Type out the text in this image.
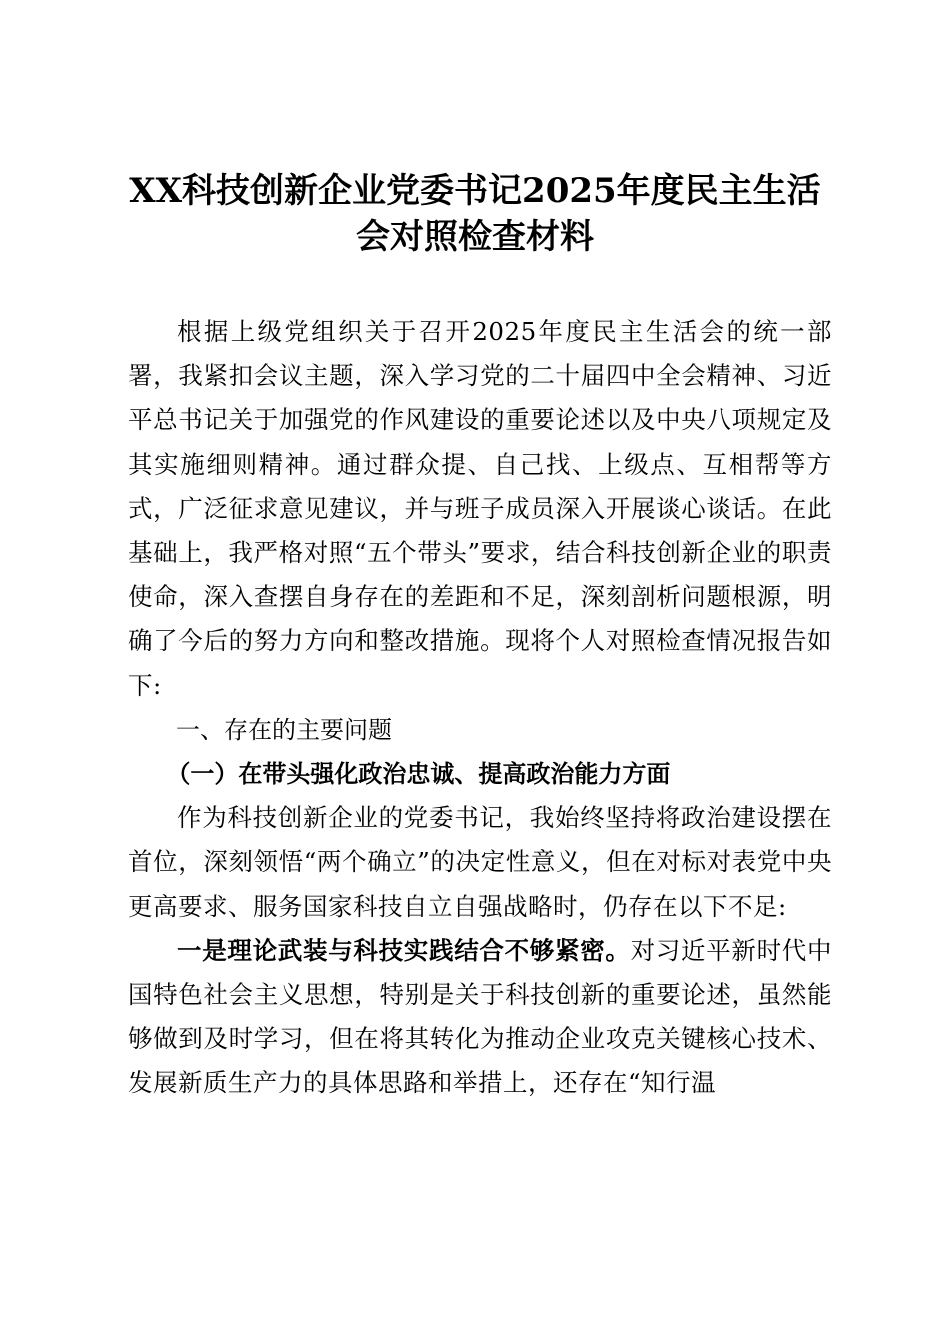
XX科技创新企业党委书记2025年度民主生活
会对照检查材料

根据上级党组织关于召开2025年度民主生活会的统一部署，我紧扣会议主题，深入学习党的二十届四中全会精神、习近平总书记关于加强党的作风建设的重要论述以及中央八项规定及其实施细则精神。通过群众提、自己找、上级点、互相帮等方式，广泛征求意见建议，并与班子成员深入开展谈心谈话。在此基础上，我严格对照“五个带头”要求，结合科技创新企业的职责使命，深入查摆自身存在的差距和不足，深刻剖析问题根源，明确了今后的努力方向和整改措施。现将个人对照检查情况报告如下:

一、存在的主要问题

（一）在带头强化政治忠诚、提高政治能力方面

作为科技创新企业的党委书记，我始终坚持将政治建设摆在首位，深刻领悟“两个确立”的决定性意义，但在对标对表党中央更高要求、服务国家科技自立自强战略时，仍存在以下不足:

一是理论武装与科技实践结合不够紧密。对习近平新时代中国特色社会主义思想，特别是关于科技创新的重要论述，虽然能够做到及时学习，但在将其转化为推动企业攻克关键核心技术、发展新质生产力的具体思路和举措上，还存在“知行温
